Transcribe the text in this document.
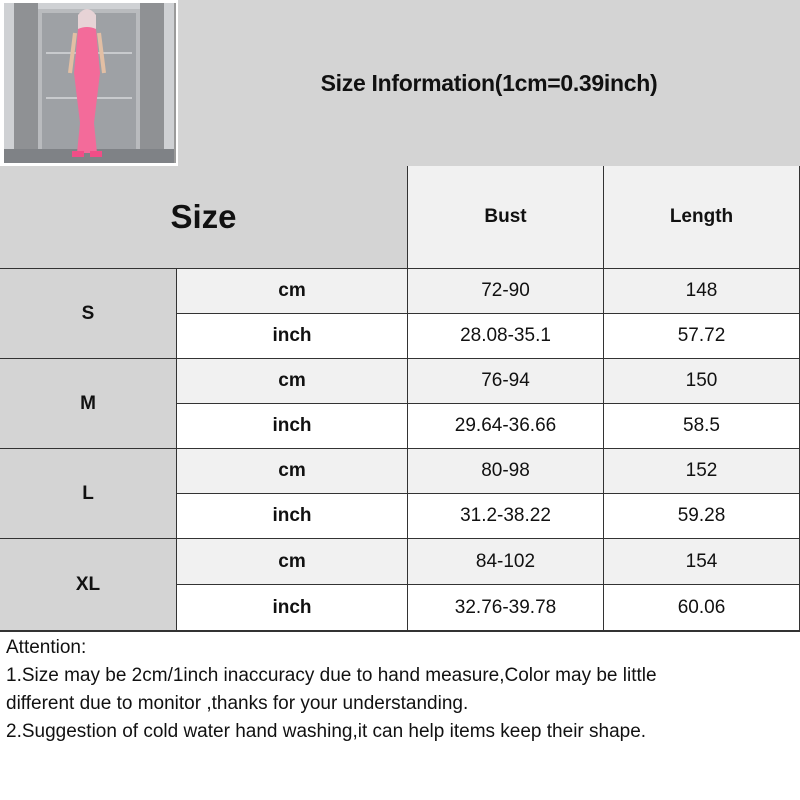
Size Information(1cm=0.39inch)
Size	Bust	Length
S
cm	72-90	148
inch	28.08-35.1	57.72
M
cm	76-94	150
inch	29.64-36.66	58.5
L
cm	80-98	152
inch	31.2-38.22	59.28
XL
cm	84-102	154
inch	32.76-39.78	60.06

Attention:

1.Size may be 2cm/1inch inaccuracy due to hand measure,Color may be little

different due to monitor ,thanks for your understanding.

2.Suggestion of cold water hand washing,it can help items keep their shape.
